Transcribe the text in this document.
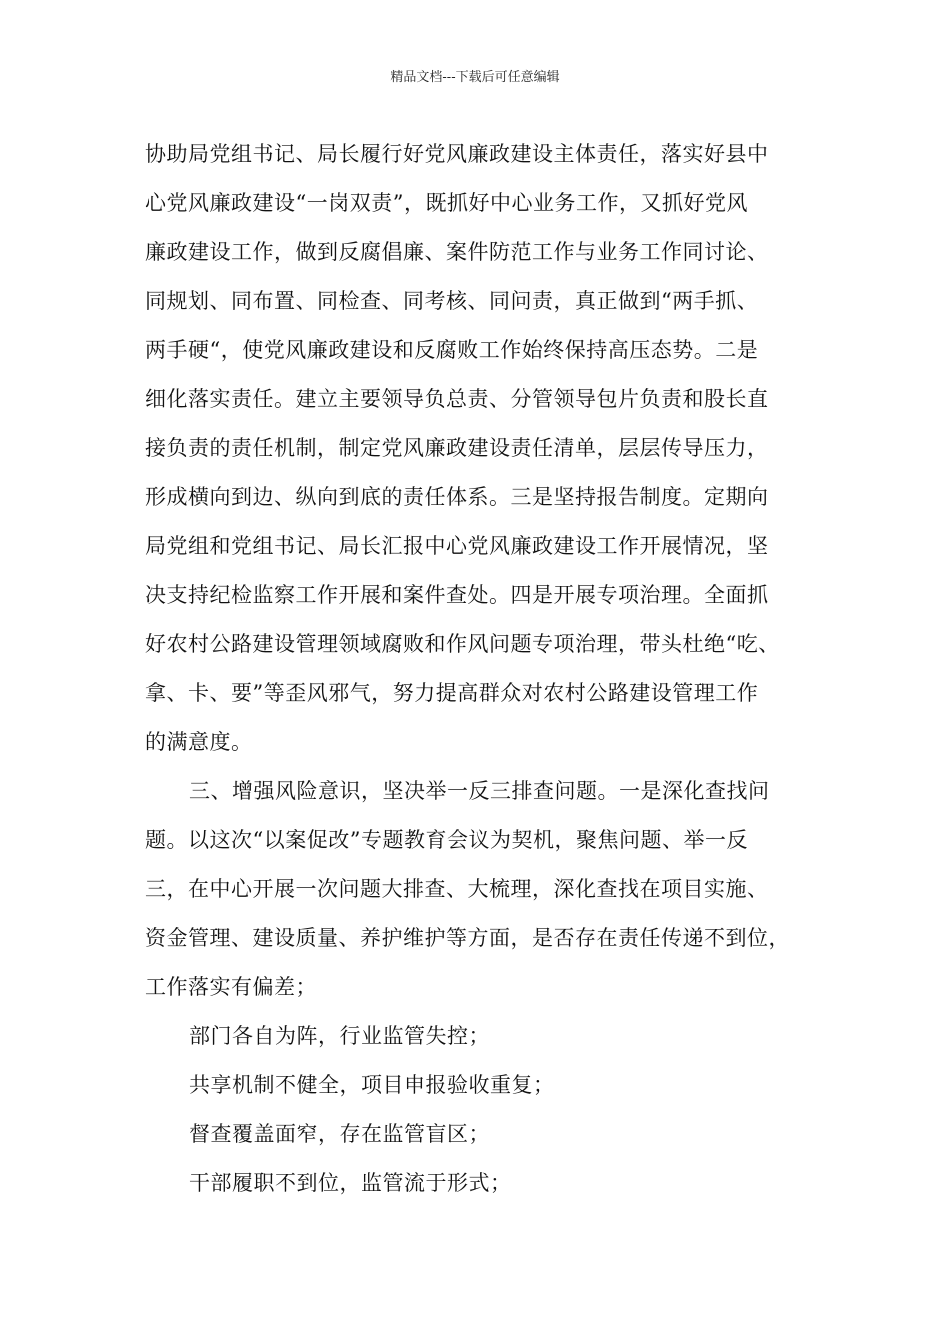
精品文档---下载后可任意编辑
协助局党组书记、局长履行好党风廉政建设主体责任，落实好县中
心党风廉政建设“一岗双责”，既抓好中心业务工作，又抓好党风
廉政建设工作，做到反腐倡廉、案件防范工作与业务工作同讨论、
同规划、同布置、同检查、同考核、同问责，真正做到“两手抓、
两手硬“，使党风廉政建设和反腐败工作始终保持高压态势。二是
细化落实责任。建立主要领导负总责、分管领导包片负责和股长直
接负责的责任机制，制定党风廉政建设责任清单，层层传导压力，
形成横向到边、纵向到底的责任体系。三是坚持报告制度。定期向
局党组和党组书记、局长汇报中心党风廉政建设工作开展情况，坚
决支持纪检监察工作开展和案件查处。四是开展专项治理。全面抓
好农村公路建设管理领域腐败和作风问题专项治理，带头杜绝“吃、
拿、卡、要”等歪风邪气，努力提高群众对农村公路建设管理工作
的满意度。
三、增强风险意识，坚决举一反三排查问题。一是深化查找问
题。以这次“以案促改”专题教育会议为契机，聚焦问题、举一反
三，在中心开展一次问题大排查、大梳理，深化查找在项目实施、
资金管理、建设质量、养护维护等方面，是否存在责任传递不到位，
工作落实有偏差；
部门各自为阵，行业监管失控；
共享机制不健全，项目申报验收重复；
督查覆盖面窄，存在监管盲区；
干部履职不到位，监管流于形式；
